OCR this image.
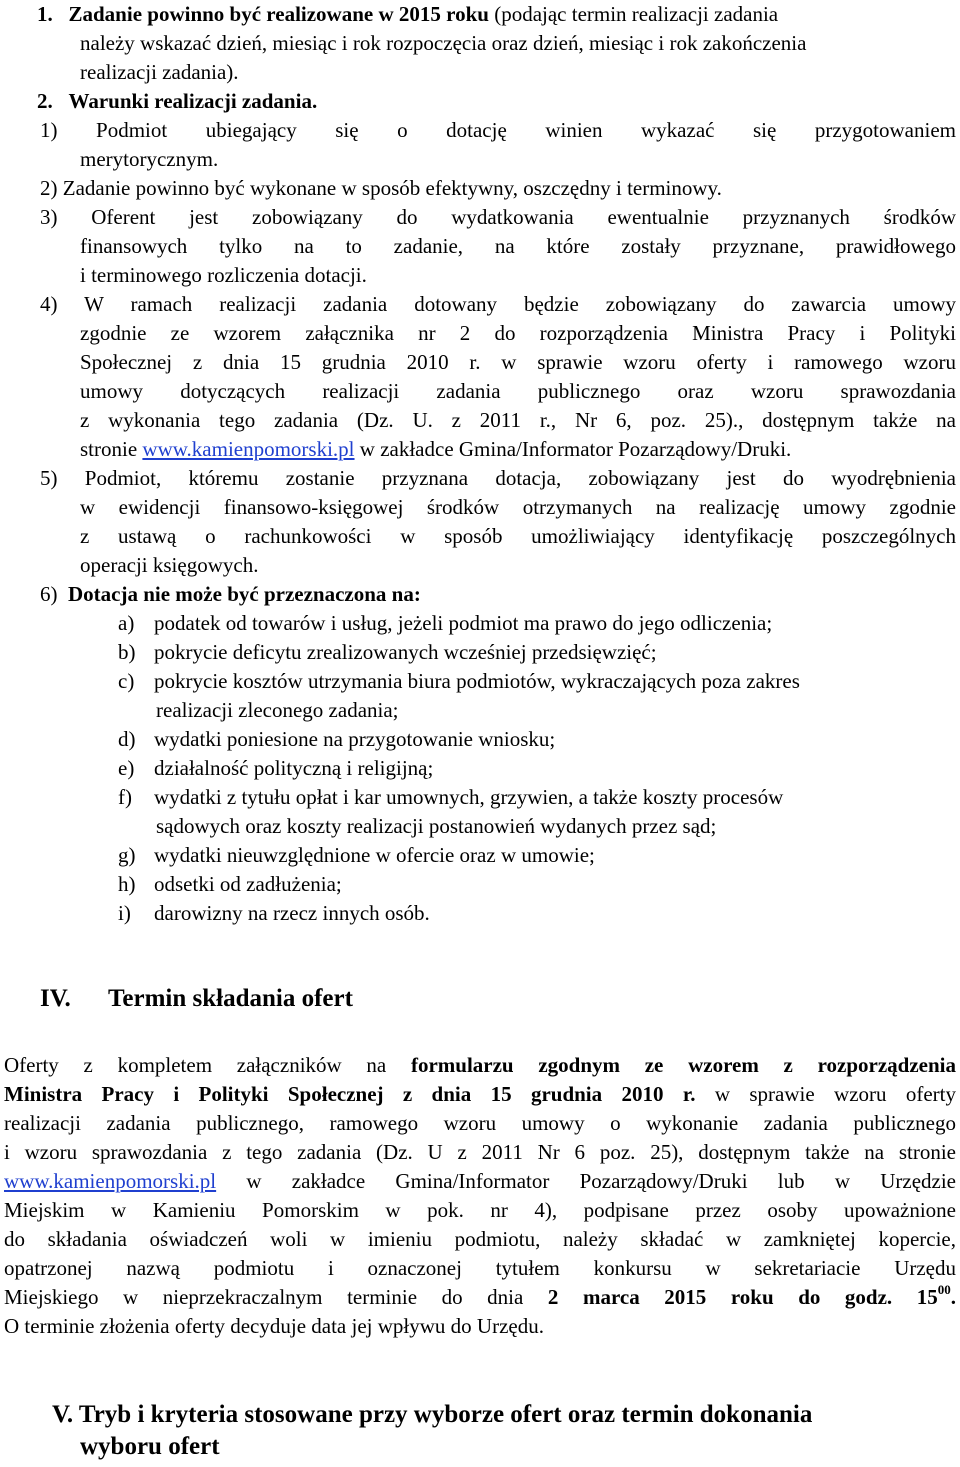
1. Zadanie powinno być realizowane w 2015 roku (podając termin realizacji zadania
należy wskazać dzień, miesiąc i rok rozpoczęcia oraz dzień, miesiąc i rok zakończenia
realizacji zadania).
2. Warunki realizacji zadania.
1) Podmiot ubiegający się o dotację winien wykazać się przygotowaniem
merytorycznym.
2) Zadanie powinno być wykonane w sposób efektywny, oszczędny i terminowy.
3) Oferent jest zobowiązany do wydatkowania ewentualnie przyznanych środków
finansowych tylko na to zadanie, na które zostały przyznane, prawidłowego
i terminowego rozliczenia dotacji.
4) W ramach realizacji zadania dotowany będzie zobowiązany do zawarcia umowy
zgodnie ze wzorem załącznika nr 2 do rozporządzenia Ministra Pracy i Polityki
Społecznej z dnia 15 grudnia 2010 r. w sprawie wzoru oferty i ramowego wzoru
umowy dotyczących realizacji zadania publicznego oraz wzoru sprawozdania
z wykonania tego zadania (Dz. U. z 2011 r., Nr 6, poz. 25)., dostępnym także na
stronie www.kamienpomorski.pl w zakładce Gmina/Informator Pozarządowy/Druki.
5) Podmiot, któremu zostanie przyznana dotacja, zobowiązany jest do wyodrębnienia
w ewidencji finansowo-księgowej środków otrzymanych na realizację umowy zgodnie
z ustawą o rachunkowości w sposób umożliwiający identyfikację poszczególnych
operacji księgowych.
6) Dotacja nie może być przeznaczona na:
a) podatek od towarów i usług, jeżeli podmiot ma prawo do jego odliczenia;
b) pokrycie deficytu zrealizowanych wcześniej przedsięwzięć;
c) pokrycie kosztów utrzymania biura podmiotów, wykraczających poza zakres
realizacji zleconego zadania;
d) wydatki poniesione na przygotowanie wniosku;
e) działalność polityczną i religijną;
f) wydatki z tytułu opłat i kar umownych, grzywien, a także koszty procesów
sądowych oraz koszty realizacji postanowień wydanych przez sąd;
g) wydatki nieuwzględnione w ofercie oraz w umowie;
h) odsetki od zadłużenia;
i) darowizny na rzecz innych osób.
IV. Termin składania ofert
Oferty z kompletem załączników na formularzu zgodnym ze wzorem z rozporządzenia
Ministra Pracy i Polityki Społecznej z dnia 15 grudnia 2010 r. w sprawie wzoru oferty
realizacji zadania publicznego, ramowego wzoru umowy o wykonanie zadania publicznego
i wzoru sprawozdania z tego zadania (Dz. U z 2011 Nr 6 poz. 25), dostępnym także na stronie
www.kamienpomorski.pl w zakładce Gmina/Informator Pozarządowy/Druki lub w Urzędzie
Miejskim w Kamieniu Pomorskim w pok. nr 4), podpisane przez osoby upoważnione
do składania oświadczeń woli w imieniu podmiotu, należy składać w zamkniętej kopercie,
opatrzonej nazwą podmiotu i oznaczonej tytułem konkursu w sekretariacie Urzędu
Miejskiego w nieprzekraczalnym terminie do dnia 2 marca 2015 roku do godz. $15^{00}$.
O terminie złożenia oferty decyduje data jej wpływu do Urzędu.
V. Tryb i kryteria stosowane przy wyborze ofert oraz termin dokonania
wyboru ofert
